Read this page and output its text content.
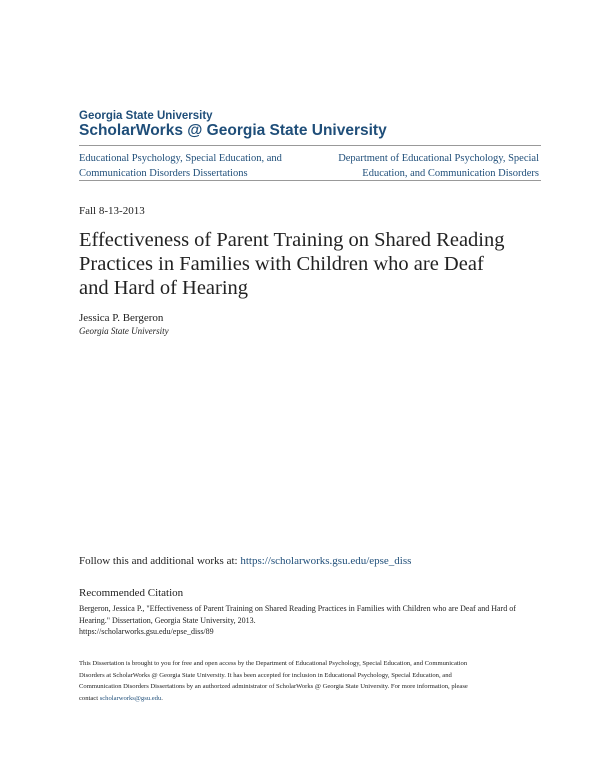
Georgia State University
ScholarWorks @ Georgia State University
Educational Psychology, Special Education, and
Communication Disorders Dissertations
Department of Educational Psychology, Special
Education, and Communication Disorders
Fall 8-13-2013
Effectiveness of Parent Training on Shared Reading
Practices in Families with Children who are Deaf
and Hard of Hearing
Jessica P. Bergeron
Georgia State University
Follow this and additional works at: https://scholarworks.gsu.edu/epse_diss
Recommended Citation
Bergeron, Jessica P., "Effectiveness of Parent Training on Shared Reading Practices in Families with Children who are Deaf and Hard of
Hearing." Dissertation, Georgia State University, 2013.
https://scholarworks.gsu.edu/epse_diss/89
This Dissertation is brought to you for free and open access by the Department of Educational Psychology, Special Education, and Communication
Disorders at ScholarWorks @ Georgia State University. It has been accepted for inclusion in Educational Psychology, Special Education, and
Communication Disorders Dissertations by an authorized administrator of ScholarWorks @ Georgia State University. For more information, please
contact scholarworks@gsu.edu.
